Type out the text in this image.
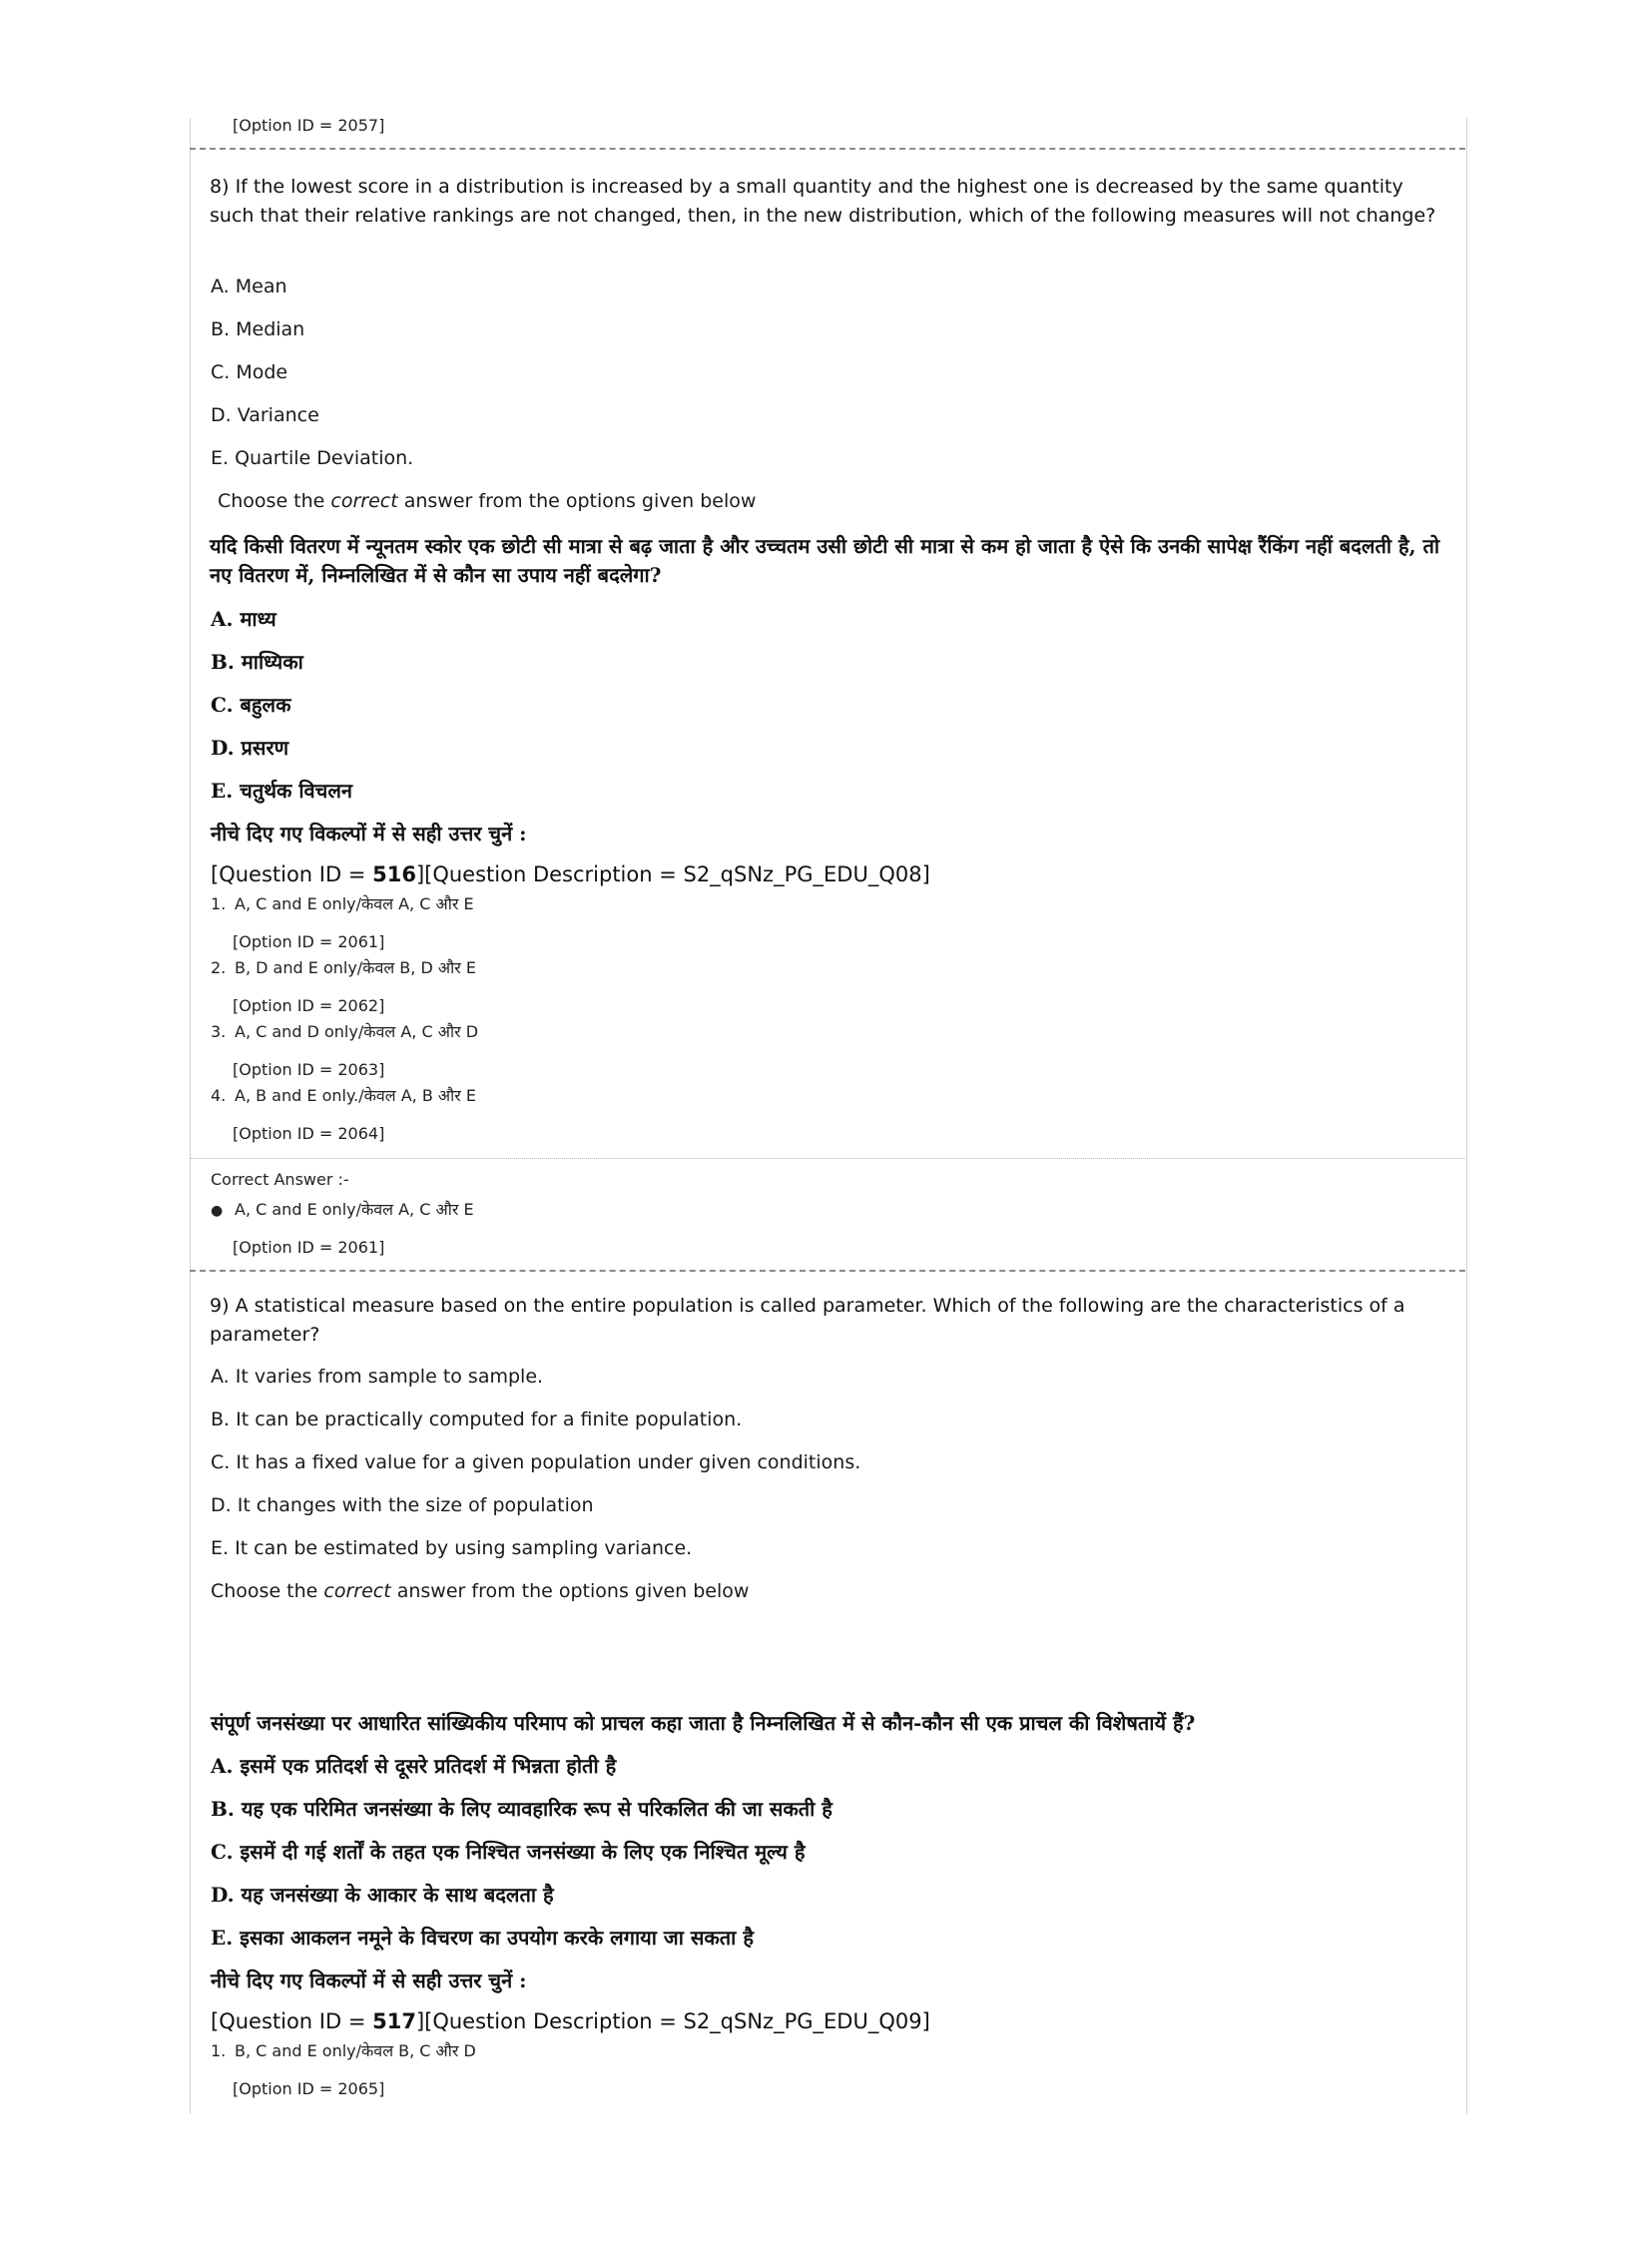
[Option ID = 2057]
8) If the lowest score in a distribution is increased by a small quantity and the highest one is decreased by the same quantity such that their relative rankings are not changed, then, in the new distribution, which of the following measures will not change?
A. Mean
B. Median
C. Mode
D. Variance
E. Quartile Deviation.
Choose the correct answer from the options given below
यदि किसी वितरण में न्यूनतम स्कोर एक छोटी सी मात्रा से बढ़ जाता है और उच्चतम उसी छोटी सी मात्रा से कम हो जाता है ऐसे कि उनकी सापेक्ष रैंकिंग नहीं बदलती है, तो नए वितरण में, निम्नलिखित में से कौन सा उपाय नहीं बदलेगा?
A. माध्य
B. माध्यिका
C. बहुलक
D. प्रसरण
E. चतुर्थक विचलन
नीचे दिए गए विकल्पों में से सही उत्तर चुनें :
[Question ID = 516][Question Description = S2_qSNz_PG_EDU_Q08]
1. A, C and E only/केवल A, C और E
[Option ID = 2061]
2. B, D and E only/केवल B, D और E
[Option ID = 2062]
3. A, C and D only/केवल A, C और D
[Option ID = 2063]
4. A, B and E only./केवल A, B और E
[Option ID = 2064]
Correct Answer :-
● A, C and E only/केवल A, C और E
[Option ID = 2061]
9) A statistical measure based on the entire population is called parameter. Which of the following are the characteristics of a parameter?
A. It varies from sample to sample.
B. It can be practically computed for a finite population.
C. It has a fixed value for a given population under given conditions.
D. It changes with the size of population
E. It can be estimated by using sampling variance.
Choose the correct answer from the options given below
संपूर्ण जनसंख्या पर आधारित सांख्यिकीय परिमाप को प्राचल कहा जाता है निम्नलिखित में से कौन-कौन सी एक प्राचल की विशेषतायें हैं?
A. इसमें एक प्रतिदर्श से दूसरे प्रतिदर्श में भिन्नता होती है
B. यह एक परिमित जनसंख्या के लिए व्यावहारिक रूप से परिकलित की जा सकती है
C. इसमें दी गई शर्तों के तहत एक निश्चित जनसंख्या के लिए एक निश्चित मूल्य है
D. यह जनसंख्या के आकार के साथ बदलता है
E. इसका आकलन नमूने के विचरण का उपयोग करके लगाया जा सकता है
नीचे दिए गए विकल्पों में से सही उत्तर चुनें :
[Question ID = 517][Question Description = S2_qSNz_PG_EDU_Q09]
1. B, C and E only/केवल B, C और D
[Option ID = 2065]
